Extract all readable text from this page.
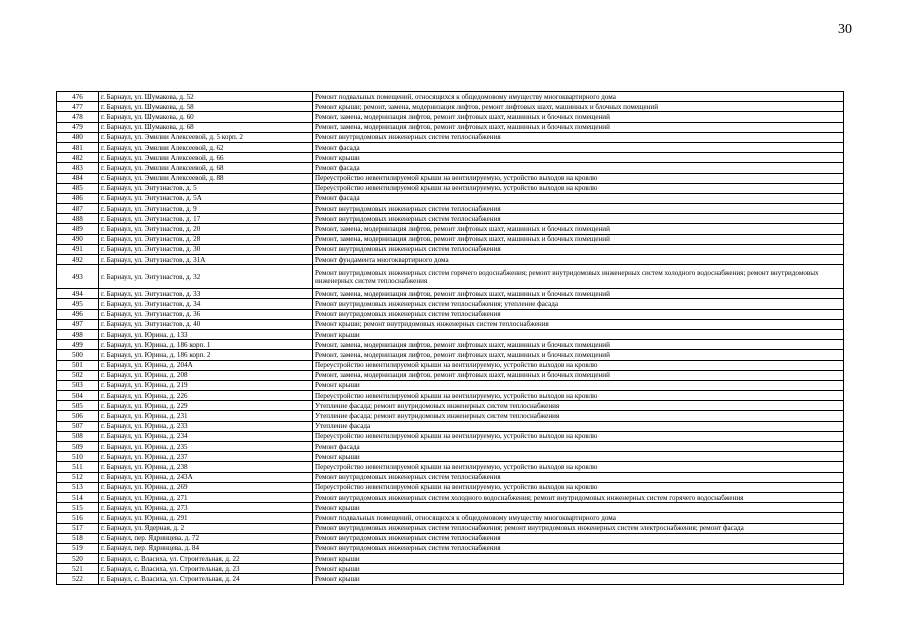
30
476	г. Барнаул, ул. Шумакова, д. 52	Ремонт подвальных помещений, относящихся к общедомовому имуществу многоквартирного дома
477	г. Барнаул, ул. Шумакова, д. 58	Ремонт крыши; ремонт, замена, модернизация лифтов, ремонт лифтовых шахт, машинных и блочных помещений
478	г. Барнаул, ул. Шумакова, д. 60	Ремонт, замена, модернизация лифтов, ремонт лифтовых шахт, машинных и блочных помещений
479	г. Барнаул, ул. Шумакова, д. 68	Ремонт, замена, модернизация лифтов, ремонт лифтовых шахт, машинных и блочных помещений
480	г. Барнаул, ул. Эмилии Алексеевой, д. 5 корп. 2	Ремонт внутридомовых инженерных систем теплоснабжения
481	г. Барнаул, ул. Эмилии Алексеевой, д. 62	Ремонт фасада
482	г. Барнаул, ул. Эмилии Алексеевой, д. 66	Ремонт крыши
483	г. Барнаул, ул. Эмилии Алексеевой, д. 68	Ремонт фасада
484	г. Барнаул, ул. Эмилии Алексеевой, д. 88	Переустройство невентилируемой крыши на вентилируемую, устройство выходов на кровлю
485	г. Барнаул, ул. Энтузиастов, д. 5	Переустройство невентилируемой крыши на вентилируемую, устройство выходов на кровлю
486	г. Барнаул, ул. Энтузиастов, д. 5А	Ремонт фасада
487	г. Барнаул, ул. Энтузиастов, д. 9	Ремонт внутридомовых инженерных систем теплоснабжения
488	г. Барнаул, ул. Энтузиастов, д. 17	Ремонт внутридомовых инженерных систем теплоснабжения
489	г. Барнаул, ул. Энтузиастов, д. 20	Ремонт, замена, модернизация лифтов, ремонт лифтовых шахт, машинных и блочных помещений
490	г. Барнаул, ул. Энтузиастов, д. 28	Ремонт, замена, модернизация лифтов, ремонт лифтовых шахт, машинных и блочных помещений
491	г. Барнаул, ул. Энтузиастов, д. 30	Ремонт внутридомовых инженерных систем теплоснабжения
492	г. Барнаул, ул. Энтузиастов, д. 31А	Ремонт фундамента многоквартирного дома
493	г. Барнаул, ул. Энтузиастов, д. 32	Ремонт внутридомовых инженерных систем горячего водоснабжения; ремонт внутридомовых инженерных систем холодного водоснабжения; ремонт внутридомовых инженерных систем теплоснабжения
494	г. Барнаул, ул. Энтузиастов, д. 33	Ремонт, замена, модернизация лифтов, ремонт лифтовых шахт, машинных и блочных помещений
495	г. Барнаул, ул. Энтузиастов, д. 34	Ремонт внутридомовых инженерных систем теплоснабжения; утепление фасада
496	г. Барнаул, ул. Энтузиастов, д. 36	Ремонт внутридомовых инженерных систем теплоснабжения
497	г. Барнаул, ул. Энтузиастов, д. 40	Ремонт крыши; ремонт внутридомовых инженерных систем теплоснабжения
498	г. Барнаул, ул. Юрина, д. 133	Ремонт крыши
499	г. Барнаул, ул. Юрина, д. 186 корп. 1	Ремонт, замена, модернизация лифтов, ремонт лифтовых шахт, машинных и блочных помещений
500	г. Барнаул, ул. Юрина, д. 186 корп. 2	Ремонт, замена, модернизация лифтов, ремонт лифтовых шахт, машинных и блочных помещений
501	г. Барнаул, ул. Юрина, д. 204А	Переустройство невентилируемой крыши на вентилируемую, устройство выходов на кровлю
502	г. Барнаул, ул. Юрина, д. 208	Ремонт, замена, модернизация лифтов, ремонт лифтовых шахт, машинных и блочных помещений
503	г. Барнаул, ул. Юрина, д. 219	Ремонт крыши
504	г. Барнаул, ул. Юрина, д. 226	Переустройство невентилируемой крыши на вентилируемую, устройство выходов на кровлю
505	г. Барнаул, ул. Юрина, д. 229	Утепление фасада; ремонт внутридомовых инженерных систем теплоснабжения
506	г. Барнаул, ул. Юрина, д. 231	Утепление фасада; ремонт внутридомовых инженерных систем теплоснабжения
507	г. Барнаул, ул. Юрина, д. 233	Утепление фасада
508	г. Барнаул, ул. Юрина, д. 234	Переустройство невентилируемой крыши на вентилируемую, устройство выходов на кровлю
509	г. Барнаул, ул. Юрина, д. 235	Ремонт фасада
510	г. Барнаул, ул. Юрина, д. 237	Ремонт крыши
511	г. Барнаул, ул. Юрина, д. 238	Переустройство невентилируемой крыши на вентилируемую, устройство выходов на кровлю
512	г. Барнаул, ул. Юрина, д. 243А	Ремонт внутридомовых инженерных систем теплоснабжения
513	г. Барнаул, ул. Юрина, д. 269	Переустройство невентилируемой крыши на вентилируемую, устройство выходов на кровлю
514	г. Барнаул, ул. Юрина, д. 271	Ремонт внутридомовых инженерных систем холодного водоснабжения; ремонт внутридомовых инженерных систем горячего водоснабжения
515	г. Барнаул, ул. Юрина, д. 273	Ремонт крыши
516	г. Барнаул, ул. Юрина, д. 291	Ремонт подвальных помещений, относящихся к общедомовому имуществу многоквартирного дома
517	г. Барнаул, ул. Ядерная, д. 2	Ремонт внутридомовых инженерных систем теплоснабжения; ремонт внутридомовых инженерных систем электроснабжения; ремонт фасада
518	г. Барнаул, пер. Ядринцева, д. 72	Ремонт внутридомовых инженерных систем теплоснабжения
519	г. Барнаул, пер. Ядринцева, д. 84	Ремонт внутридомовых инженерных систем теплоснабжения
520	г. Барнаул, с. Власиха, ул. Строительная, д. 22	Ремонт крыши
521	г. Барнаул, с. Власиха, ул. Строительная, д. 23	Ремонт крыши
522	г. Барнаул, с. Власиха, ул. Строительная, д. 24	Ремонт крыши
